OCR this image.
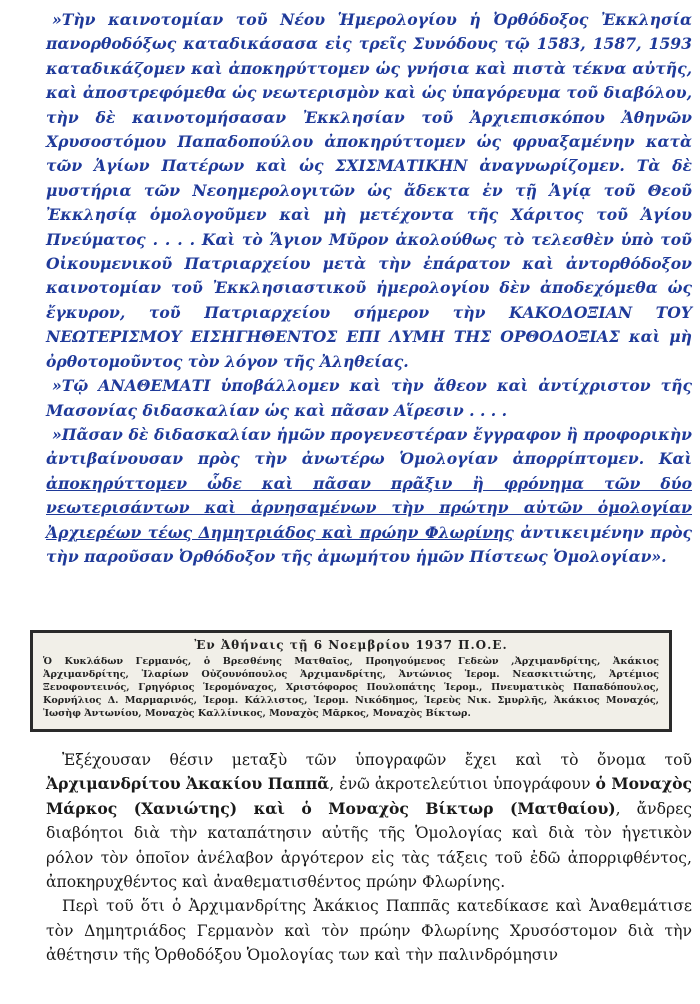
»Τὴν καινοτομίαν τοῦ Νέου Ἡμερολογίου ἡ Ὀρθόδοξος Ἐκκλησία πανορθοδόξως καταδικάσασα εἰς τρεῖς Συνόδους τῷ 1583, 1587, 1593 καταδικάζομεν καὶ ἀποκηρύττομεν ὡς γνήσια καὶ πιστὰ τέκνα αὐτῆς, καὶ ἀποστρεφόμεθα ὡς νεωτερισμὸν καὶ ὡς ὑπαγόρευμα τοῦ διαβόλου, τὴν δὲ καινοτομήσασαν Ἐκκλησίαν τοῦ Ἀρχιεπισκόπου Ἀθηνῶν Χρυσοστόμου Παπαδοπούλου ἀποκηρύττομεν ὡς φρυαξαμένην κατὰ τῶν Ἁγίων Πατέρων καὶ ὡς ΣΧΙΣΜΑΤΙΚΗΝ ἀναγνωρίζομεν. Τὰ δὲ μυστήρια τῶν Νεοημερολογιτῶν ὡς ἄδεκτα ἐν τῇ Ἁγίᾳ τοῦ Θεοῦ Ἐκκλησίᾳ ὁμολογοῦμεν καὶ μὴ μετέχοντα τῆς Χάριτος τοῦ Ἁγίου Πνεύματος . . . . Καὶ τὸ Ἅγιον Μῦρον ἀκολούθως τὸ τελεσθὲν ὑπὸ τοῦ Οἰκουμενικοῦ Πατριαρχείου μετὰ τὴν ἐπάρατον καὶ ἀντορθόδοξον καινοτομίαν τοῦ Ἐκκλησιαστικοῦ ἡμερολογίου δὲν ἀποδεχόμεθα ὡς ἔγκυρον, τοῦ Πατριαρχείου σήμερον τὴν ΚΑΚΟΔΟΞΙΑΝ ΤΟΥ ΝΕΩΤΕΡΙΣΜΟΥ ΕΙΣΗΓΗΘΕΝΤΟΣ ΕΠΙ ΛΥΜΗ ΤΗΣ ΟΡΘΟΔΟΞΙΑΣ καὶ μὴ ὀρθοτομοῦντος τὸν λόγον τῆς Ἀληθείας.

»Τῷ ΑΝΑΘΕΜΑΤΙ ὑποβάλλομεν καὶ τὴν ἄθεον καὶ ἀντίχριστον τῆς Μασονίας διδασκαλίαν ὡς καὶ πᾶσαν Αἵρεσιν . . . .

»Πᾶσαν δὲ διδασκαλίαν ἡμῶν προγενεστέραν ἔγγραφον ἢ προφορικὴν ἀντιβαίνουσαν πρὸς τὴν ἀνωτέρω Ὁμολογίαν ἀπορρίπτομεν. Καὶ ἀποκηρύττομεν ὧδε καὶ πᾶσαν πρᾶξιν ἢ φρόνημα τῶν δύο νεωτερισάντων καὶ ἀρνησαμένων τὴν πρώτην αὐτῶν ὁμολογίαν Ἀρχιερέων τέως Δημητριάδος καὶ πρώην Φλωρίνης ἀντικειμένην πρὸς τὴν παροῦσαν Ὀρθόδοξον τῆς ἀμωμήτου ἡμῶν Πίστεως Ὁμολογίαν».

Ἐν Ἀθήναις τῇ 6 Νοεμβρίου 1937 Π.Ο.Ε.
Ὁ Κυκλάδων Γερμανός, ὁ Βρεσθένης Ματθαῖος, Προηγούμενος Γεδεὼν ,Ἀρχιμανδρίτης, Ἀκάκιος Ἀρχιμανδρίτης, Ἱλαρίων Οὐζουνόπουλος Ἀρχιμανδρίτης, Ἀντώνιος Ἱερομ. Νεασκιτιώτης, Ἀρτέμιος Ξενοφοντεινός, Γρηγόριος Ἱερομόναχος, Χριστόφορος Πουλοπάτης Ἱερομ., Πνευματικὸς Παπαδόπουλος, Κορνήλιος Δ. Μαρμαρινός, Ἱερομ. Κάλλιστος, Ἱερομ. Νικόδημος, Ἱερεὺς Νικ. Σμυρλῆς, Ἀκάκιος Μοναχός, Ἰωσὴφ Ἀντωνίου, Μοναχὸς Καλλίνικος, Μοναχὸς Μᾶρκος, Μοναχὸς Βίκτωρ.

Ἐξέχουσαν θέσιν μεταξὺ τῶν ὑπογραφῶν ἔχει καὶ τὸ ὄνομα τοῦ Ἀρχιμανδρίτου Ἀκακίου Παππᾶ, ἐνῶ ἀκροτελεύτιοι ὑπογράφουν ὁ Μοναχὸς Μάρκος (Χανιώτης) καὶ ὁ Μοναχὸς Βίκτωρ (Ματθαίου), ἄνδρες διαβόητοι διὰ τὴν καταπάτησιν αὐτῆς τῆς Ὁμολογίας καὶ διὰ τὸν ἡγετικὸν ρόλον τὸν ὁποῖον ἀνέλαβον ἀργότερον εἰς τὰς τάξεις τοῦ ἐδῶ ἀπορριφθέντος, ἀποκηρυχθέντος καὶ ἀναθεματισθέντος πρώην Φλωρίνης.

Περὶ τοῦ ὅτι ὁ Ἀρχιμανδρίτης Ἀκάκιος Παππᾶς κατεδίκασε καὶ Ἀναθεμάτισε τὸν Δημητριάδος Γερμανὸν καὶ τὸν πρώην Φλωρίνης Χρυσόστομον διὰ τὴν ἀθέτησιν τῆς Ὀρθοδόξου Ὁμολογίας των καὶ τὴν παλινδρόμησιν
